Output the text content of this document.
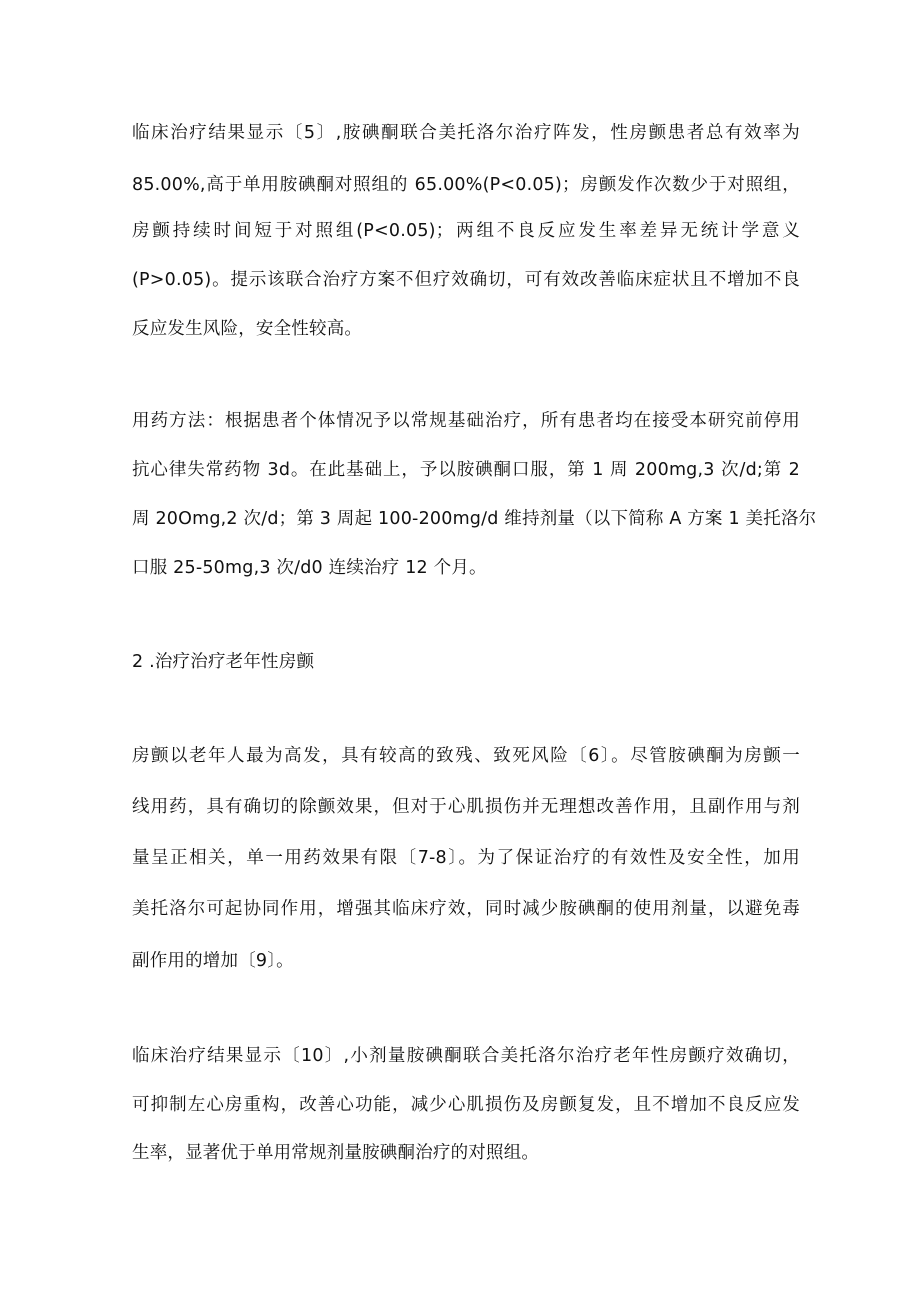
临床治疗结果显示〔5〕,胺碘酮联合美托洛尔治疗阵发，性房颤患者总有效率为
85.00%,高于单用胺碘酮对照组的 65.00%(P<0.05)；房颤发作次数少于对照组，
房颤持续时间短于对照组(P<0.05)；两组不良反应发生率差异无统计学意义
(P>0.05)。提示该联合治疗方案不但疗效确切，可有效改善临床症状且不增加不良
反应发生风险，安全性较高。
用药方法：根据患者个体情况予以常规基础治疗，所有患者均在接受本研究前停用
抗心律失常药物 3d。在此基础上，予以胺碘酮口服，第 1 周 200mg,3 次/d;第 2
周 20Omg,2 次/d；第 3 周起 100-200mg∕d 维持剂量（以下简称 A 方案 1 美托洛尔
口服 25-50mg,3 次∕d0 连续治疗 12 个月。
2 .治疗治疗老年性房颤
房颤以老年人最为高发，具有较高的致残、致死风险〔6〕。尽管胺碘酮为房颤一
线用药，具有确切的除颤效果，但对于心肌损伤并无理想改善作用，且副作用与剂
量呈正相关，单一用药效果有限〔7-8〕。为了保证治疗的有效性及安全性，加用
美托洛尔可起协同作用，增强其临床疗效，同时减少胺碘酮的使用剂量，以避免毒
副作用的增加〔9〕。
临床治疗结果显示〔10〕,小剂量胺碘酮联合美托洛尔治疗老年性房颤疗效确切，
可抑制左心房重构，改善心功能，减少心肌损伤及房颤复发，且不增加不良反应发
生率，显著优于单用常规剂量胺碘酮治疗的对照组。
